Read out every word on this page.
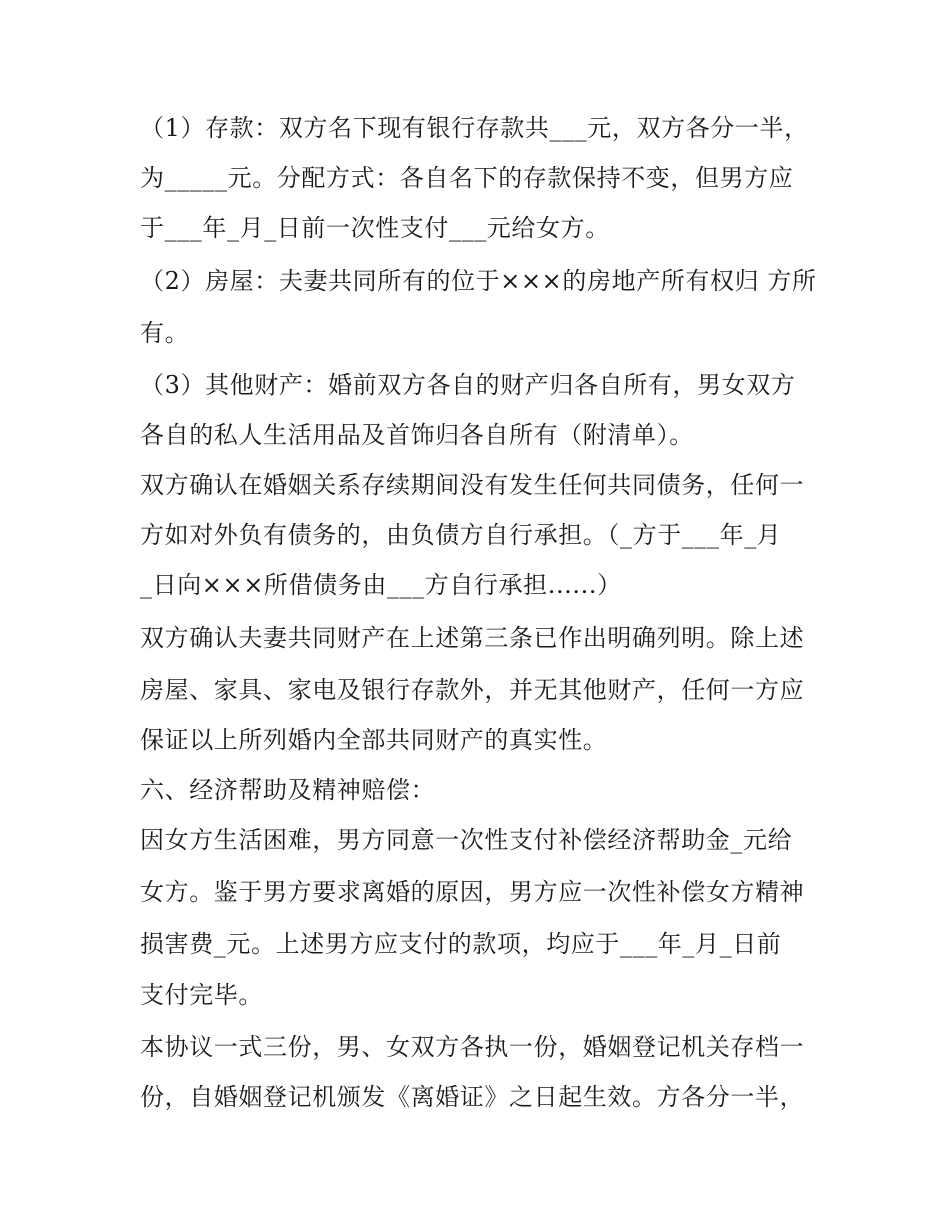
（1）存款：双方名下现有银行存款共___元，双方各分一半，

为_____元。分配方式：各自名下的存款保持不变，但男方应

于___年_月_日前一次性支付___元给女方。

（2）房屋：夫妻共同所有的位于×××的房地产所有权归 方所

有。

（3）其他财产：婚前双方各自的财产归各自所有，男女双方

各自的私人生活用品及首饰归各自所有（附清单）。

双方确认在婚姻关系存续期间没有发生任何共同债务，任何一

方如对外负有债务的，由负债方自行承担。（_方于___年_月

_日向×××所借债务由___方自行承担......）

双方确认夫妻共同财产在上述第三条已作出明确列明。除上述

房屋、家具、家电及银行存款外，并无其他财产，任何一方应

保证以上所列婚内全部共同财产的真实性。

六、经济帮助及精神赔偿：

因女方生活困难，男方同意一次性支付补偿经济帮助金_元给

女方。鉴于男方要求离婚的原因，男方应一次性补偿女方精神

损害费_元。上述男方应支付的款项，均应于___年_月_日前

支付完毕。

本协议一式三份，男、女双方各执一份，婚姻登记机关存档一

份，自婚姻登记机颁发《离婚证》之日起生效。方各分一半，
